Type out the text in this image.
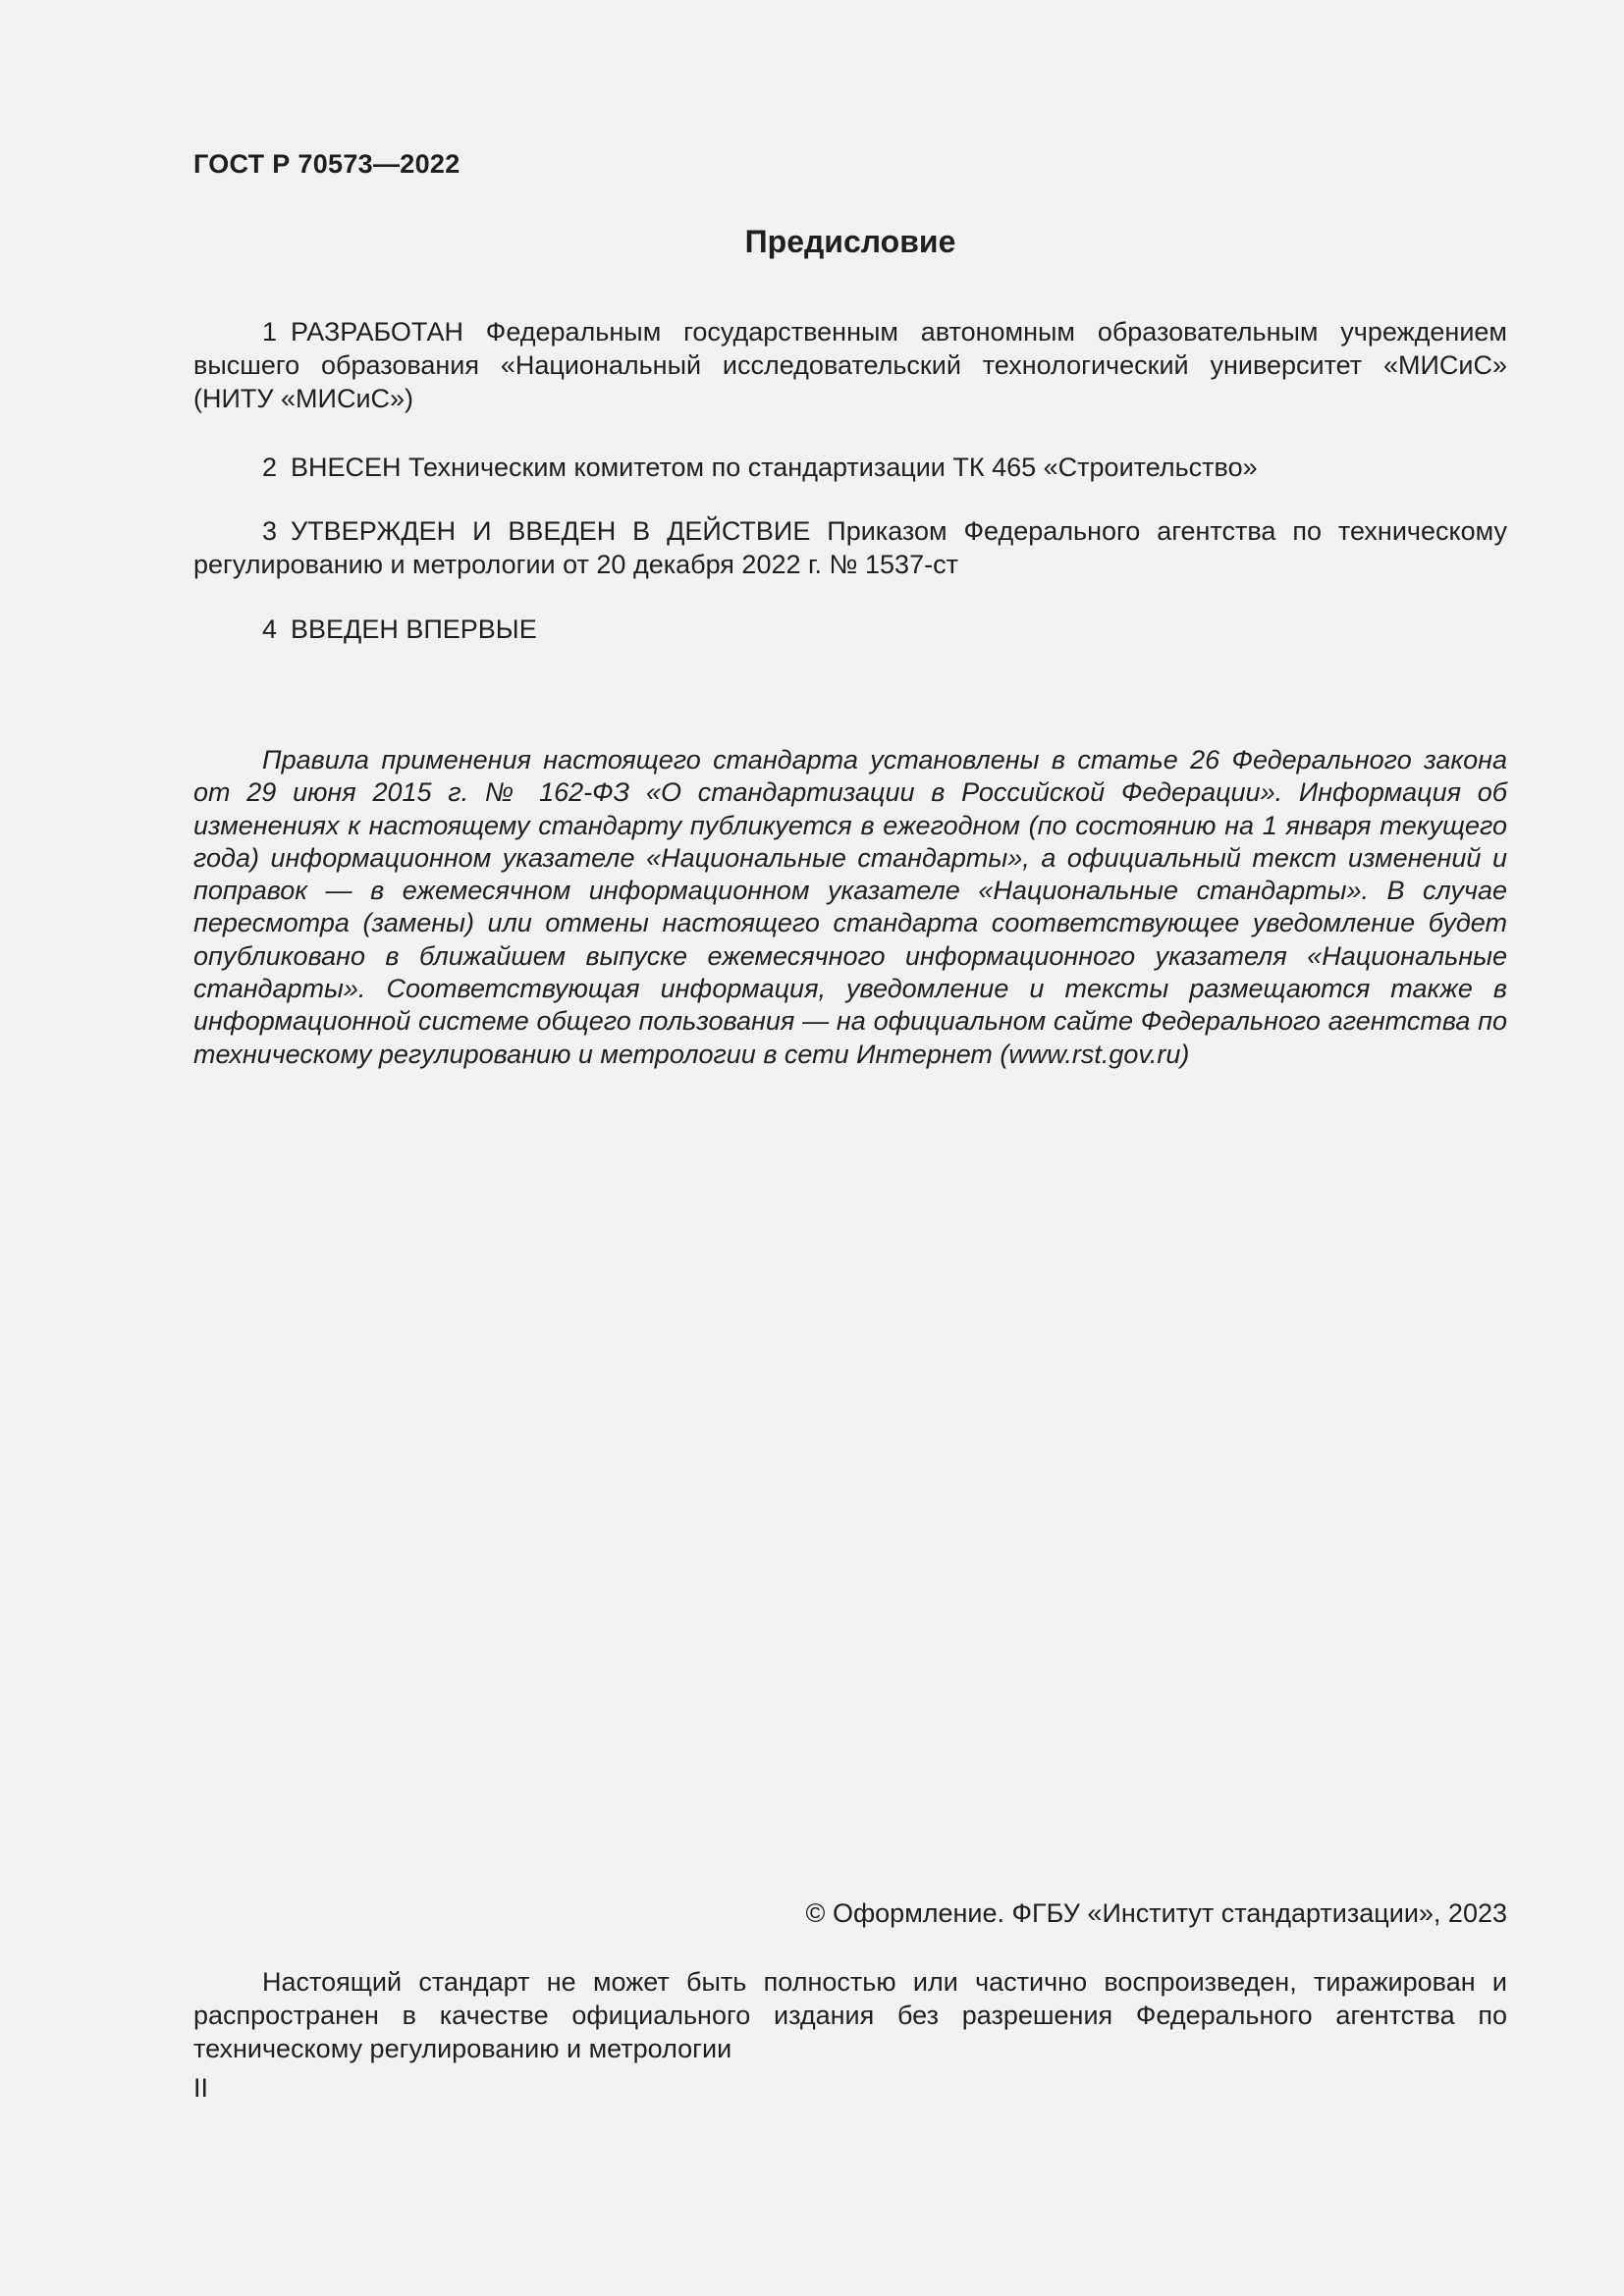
ГОСТ Р 70573—2022
Предисловие

1 РАЗРАБОТАН Федеральным государственным автономным образовательным учреждением высшего образования «Национальный исследовательский технологический университет «МИСиС» (НИТУ «МИСиС»)

2 ВНЕСЕН Техническим комитетом по стандартизации ТК 465 «Строительство»

3 УТВЕРЖДЕН И ВВЕДЕН В ДЕЙСТВИЕ Приказом Федерального агентства по техническому регулированию и метрологии от 20 декабря 2022 г. № 1537-ст

4 ВВЕДЕН ВПЕРВЫЕ

Правила применения настоящего стандарта установлены в статье 26 Федерального закона от 29 июня 2015 г. № 162-ФЗ «О стандартизации в Российской Федерации». Информация об изменениях к настоящему стандарту публикуется в ежегодном (по состоянию на 1 января текущего года) информационном указателе «Национальные стандарты», а официальный текст изменений и поправок — в ежемесячном информационном указателе «Национальные стандарты». В случае пересмотра (замены) или отмены настоящего стандарта соответствующее уведомление будет опубликовано в ближайшем выпуске ежемесячного информационного указателя «Национальные стандарты». Соответствующая информация, уведомление и тексты размещаются также в информационной системе общего пользования — на официальном сайте Федерального агентства по техническому регулированию и метрологии в сети Интернет (www.rst.gov.ru)

© Оформление. ФГБУ «Институт стандартизации», 2023

Настоящий стандарт не может быть полностью или частично воспроизведен, тиражирован и распространен в качестве официального издания без разрешения Федерального агентства по техническому регулированию и метрологии

II
